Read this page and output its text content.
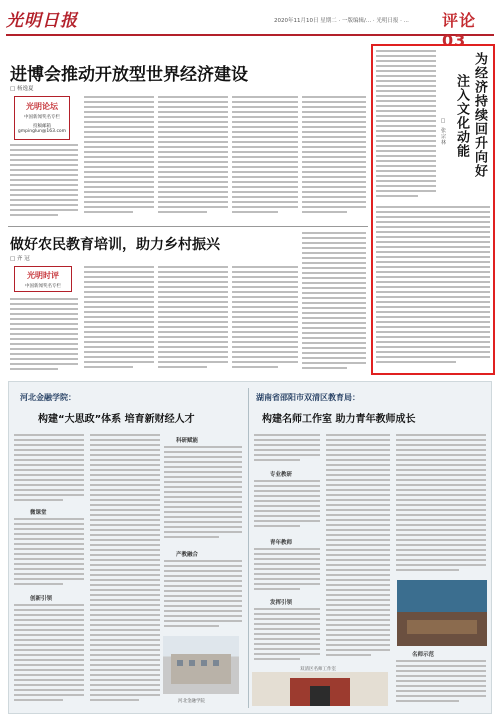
光明日报	2020年11月10日 星期二 · 一版编辑/... · 光明日报 · ... 评论 03
进博会推动开放型世界经济建设
□ 杨逸夏
光明论坛
中国新闻奖名专栏
投稿邮箱
gmpinglun@163.com
做好农民教育培训，助力乡村振兴
□ 齐 冠
光明时评
中国新闻奖名专栏
为经济持续回升向好
注入文化动能
□ 张宗林
河北金融学院：
构建“大思政”体系 培育新财经人才
湖南省邵阳市双清区教育局：
构建名师工作室 助力青年教师成长
微课堂
创新引领
科研赋能
产教融合
河北金融学院
专业教研
青年教师
发挥引领
名师示范
双清区名师工作室
